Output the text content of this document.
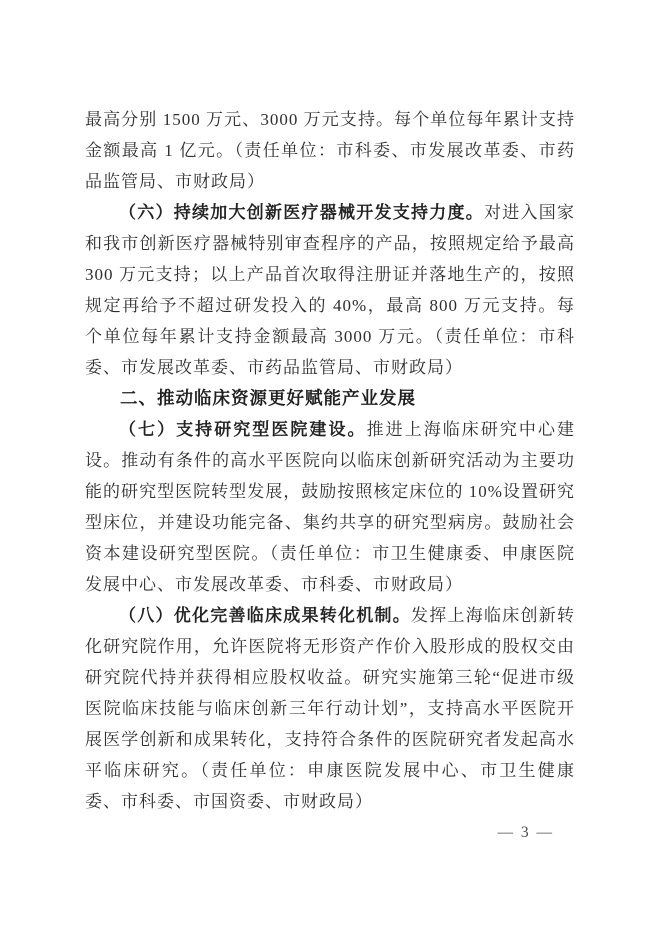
最高分别 1500 万元、3000 万元支持。每个单位每年累计支持金额最高 1 亿元。（责任单位：市科委、市发展改革委、市药品监管局、市财政局）

（六）持续加大创新医疗器械开发支持力度。对进入国家和我市创新医疗器械特别审查程序的产品，按照规定给予最高 300 万元支持；以上产品首次取得注册证并落地生产的，按照规定再给予不超过研发投入的 40%，最高 800 万元支持。每个单位每年累计支持金额最高 3000 万元。（责任单位：市科委、市发展改革委、市药品监管局、市财政局）

二、推动临床资源更好赋能产业发展

（七）支持研究型医院建设。推进上海临床研究中心建设。推动有条件的高水平医院向以临床创新研究活动为主要功能的研究型医院转型发展，鼓励按照核定床位的 10%设置研究型床位，并建设功能完备、集约共享的研究型病房。鼓励社会资本建设研究型医院。（责任单位：市卫生健康委、申康医院发展中心、市发展改革委、市科委、市财政局）

（八）优化完善临床成果转化机制。发挥上海临床创新转化研究院作用，允许医院将无形资产作价入股形成的股权交由研究院代持并获得相应股权收益。研究实施第三轮“促进市级医院临床技能与临床创新三年行动计划”，支持高水平医院开展医学创新和成果转化，支持符合条件的医院研究者发起高水平临床研究。（责任单位：申康医院发展中心、市卫生健康委、市科委、市国资委、市财政局）

— 3 —
